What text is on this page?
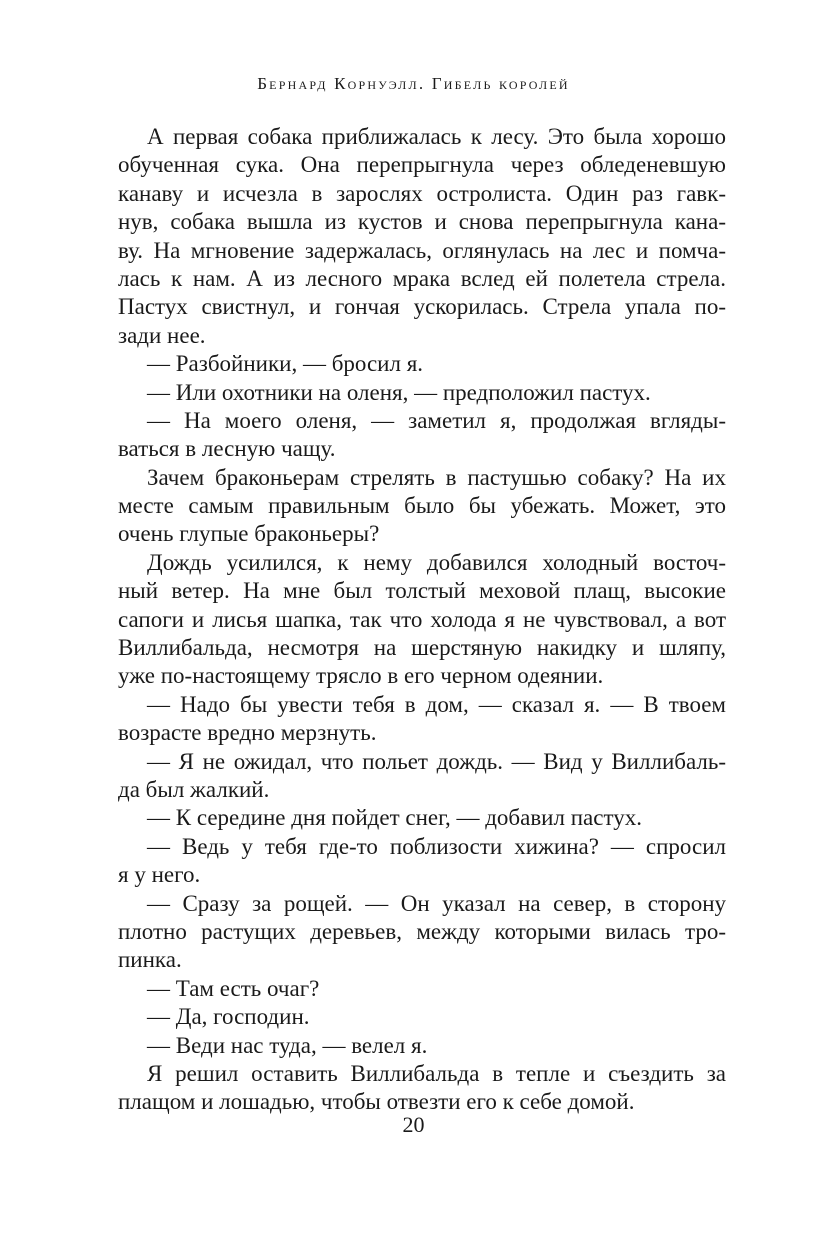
Бернард Корнуэлл. Гибель королей
А первая собака приближалась к лесу. Это была хорошо
обученная сука. Она перепрыгнула через обледеневшую
канаву и исчезла в зарослях остролиста. Один раз гавк-
нув, собака вышла из кустов и снова перепрыгнула кана-
ву. На мгновение задержалась, оглянулась на лес и помча-
лась к нам. А из лесного мрака вслед ей полетела стрела.
Пастух свистнул, и гончая ускорилась. Стрела упала по-
зади нее.
— Разбойники, — бросил я.
— Или охотники на оленя, — предположил пастух.
— На моего оленя, — заметил я, продолжая вгляды-
ваться в лесную чащу.
Зачем браконьерам стрелять в пастушью собаку? На их
месте самым правильным было бы убежать. Может, это
очень глупые браконьеры?
Дождь усилился, к нему добавился холодный восточ-
ный ветер. На мне был толстый меховой плащ, высокие
сапоги и лисья шапка, так что холода я не чувствовал, а вот
Виллибальда, несмотря на шерстяную накидку и шляпу,
уже по-настоящему трясло в его черном одеянии.
— Надо бы увести тебя в дом, — сказал я. — В твоем
возрасте вредно мерзнуть.
— Я не ожидал, что польет дождь. — Вид у Виллибаль-
да был жалкий.
— К середине дня пойдет снег, — добавил пастух.
— Ведь у тебя где-то поблизости хижина? — спросил
я у него.
— Сразу за рощей. — Он указал на север, в сторону
плотно растущих деревьев, между которыми вилась тро-
пинка.
— Там есть очаг?
— Да, господин.
— Веди нас туда, — велел я.
Я решил оставить Виллибальда в тепле и съездить за
плащом и лошадью, чтобы отвезти его к себе домой.
20
